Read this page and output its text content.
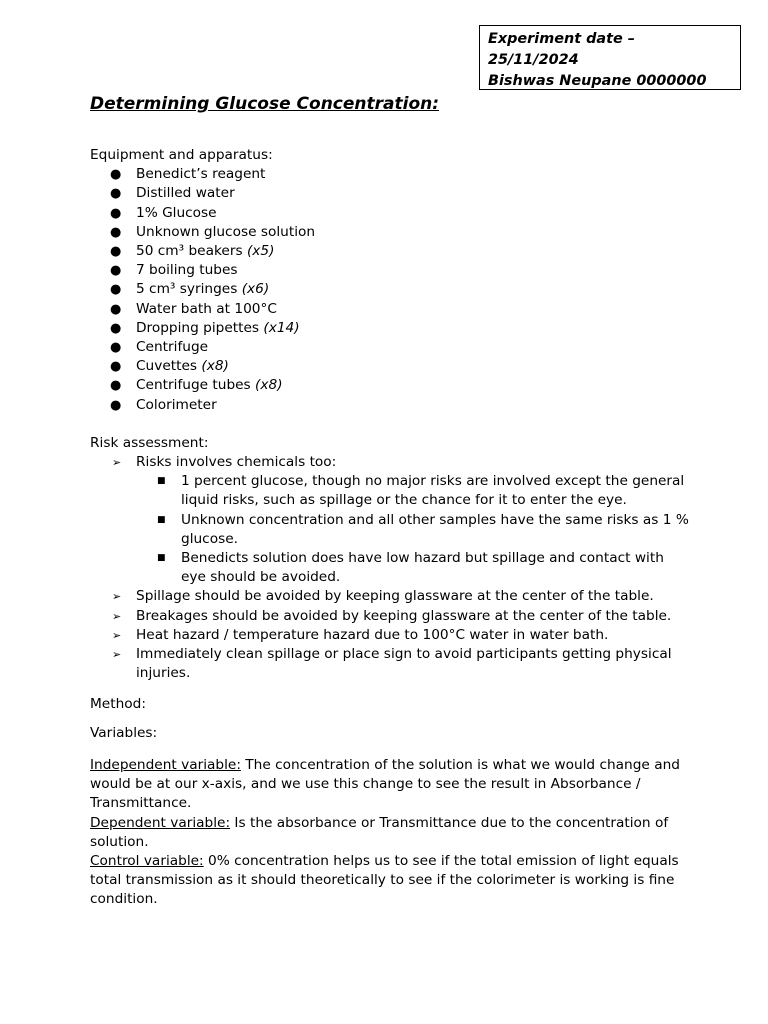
Experiment date –
25/11/2024

Bishwas Neupane 0000000
Determining Glucose Concentration:

Equipment and apparatus:

● Benedict’s reagent
● Distilled water
● 1% Glucose
● Unknown glucose solution
● 50 cm³ beakers (x5)
● 7 boiling tubes
● 5 cm³ syringes (x6)
● Water bath at 100°C
● Dropping pipettes (x14)
● Centrifuge
● Cuvettes (x8)
● Centrifuge tubes (x8)
● Colorimeter

Risk assessment:

➢ Risks involves chemicals too:
■ 1 percent glucose, though no major risks are involved except the general liquid risks, such as spillage or the chance for it to enter the eye.
■ Unknown concentration and all other samples have the same risks as 1 % glucose.
■ Benedicts solution does have low hazard but spillage and contact with eye should be avoided.
➢ Spillage should be avoided by keeping glassware at the center of the table.
➢ Breakages should be avoided by keeping glassware at the center of the table.
➢ Heat hazard / temperature hazard due to 100°C water in water bath.
➢ Immediately clean spillage or place sign to avoid participants getting physical injuries.

Method:

Variables:

Independent variable: The concentration of the solution is what we would change and would be at our x-axis, and we use this change to see the result in Absorbance / Transmittance.
Dependent variable: Is the absorbance or Transmittance due to the concentration of solution.
Control variable: 0% concentration helps us to see if the total emission of light equals total transmission as it should theoretically to see if the colorimeter is working is fine condition.
